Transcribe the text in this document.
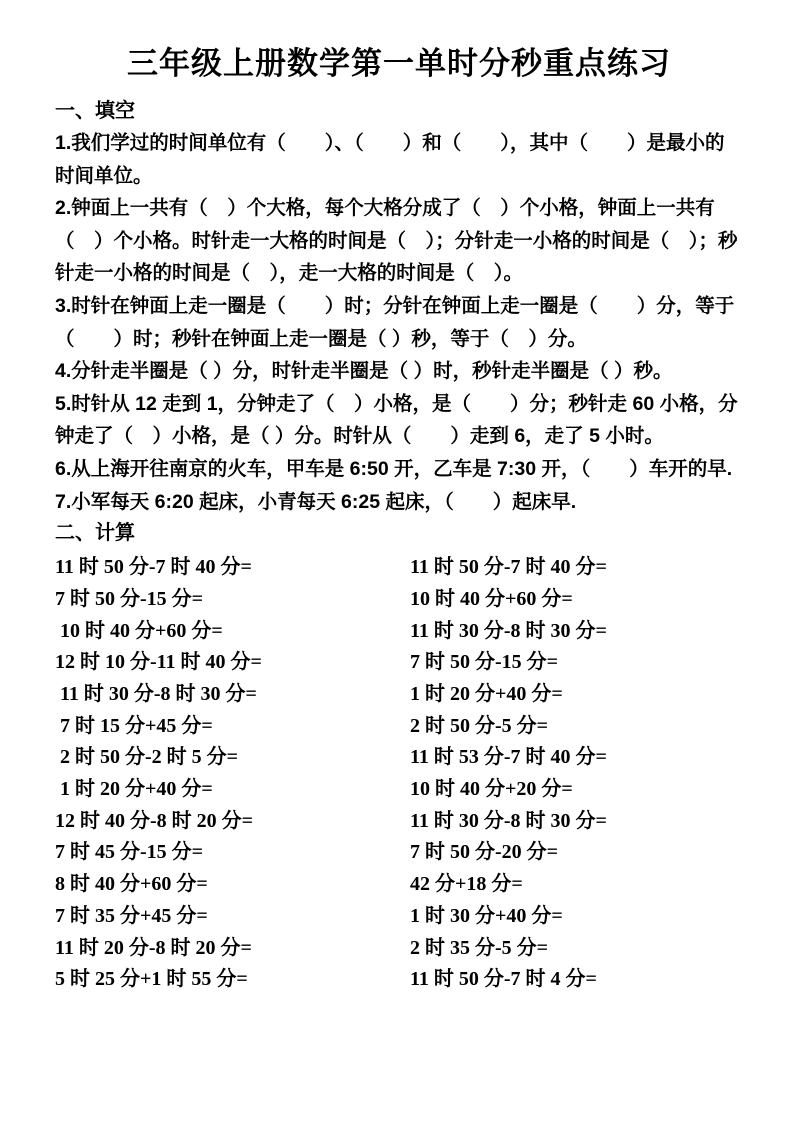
三年级上册数学第一单时分秒重点练习
一、填空

1.我们学过的时间单位有（　　）、（　　）和（　　），其中（　　）是最小的时间单位。

2.钟面上一共有（　）个大格，每个大格分成了（　）个小格，钟面上一共有（　）个小格。时针走一大格的时间是（　）；分针走一小格的时间是（　）；秒针走一小格的时间是（　），走一大格的时间是（　）。

3.时针在钟面上走一圈是（　　）时；分针在钟面上走一圈是（　　）分，等于（　　）时；秒针在钟面上走一圈是（ ）秒，等于（　）分。

4.分针走半圈是（ ）分，时针走半圈是（ ）时，秒针走半圈是（ ）秒。

5.时针从 12 走到 1，分钟走了（　）小格，是（　　）分；秒针走 60 小格，分钟走了（　）小格，是（ ）分。时针从（　　）走到 6，走了 5 小时。

6.从上海开往南京的火车，甲车是 6:50 开，乙车是 7:30 开，（　　）车开的早.

7.小军每天 6:20 起床，小青每天 6:25 起床，（　　）起床早.

二、计算
11 时 50 分-7 时 40 分=
7 时 50 分-15 分=
10 时 40 分+60 分=
12 时 10 分-11 时 40 分=
11 时 30 分-8 时 30 分=
7 时 15 分+45 分=
2 时 50 分-2 时 5 分=
1 时 20 分+40 分=
12 时 40 分-8 时 20 分=
7 时 45 分-15 分=
8 时 40 分+60 分=
7 时 35 分+45 分=
11 时 20 分-8 时 20 分=
5 时 25 分+1 时 55 分=
11 时 50 分-7 时 40 分=
10 时 40 分+60 分=
11 时 30 分-8 时 30 分=
7 时 50 分-15 分=
1 时 20 分+40 分=
2 时 50 分-5 分=
11 时 53 分-7 时 40 分=
10 时 40 分+20 分=
11 时 30 分-8 时 30 分=
7 时 50 分-20 分=
42 分+18 分=
1 时 30 分+40 分=
2 时 35 分-5 分=
11 时 50 分-7 时 4 分=
